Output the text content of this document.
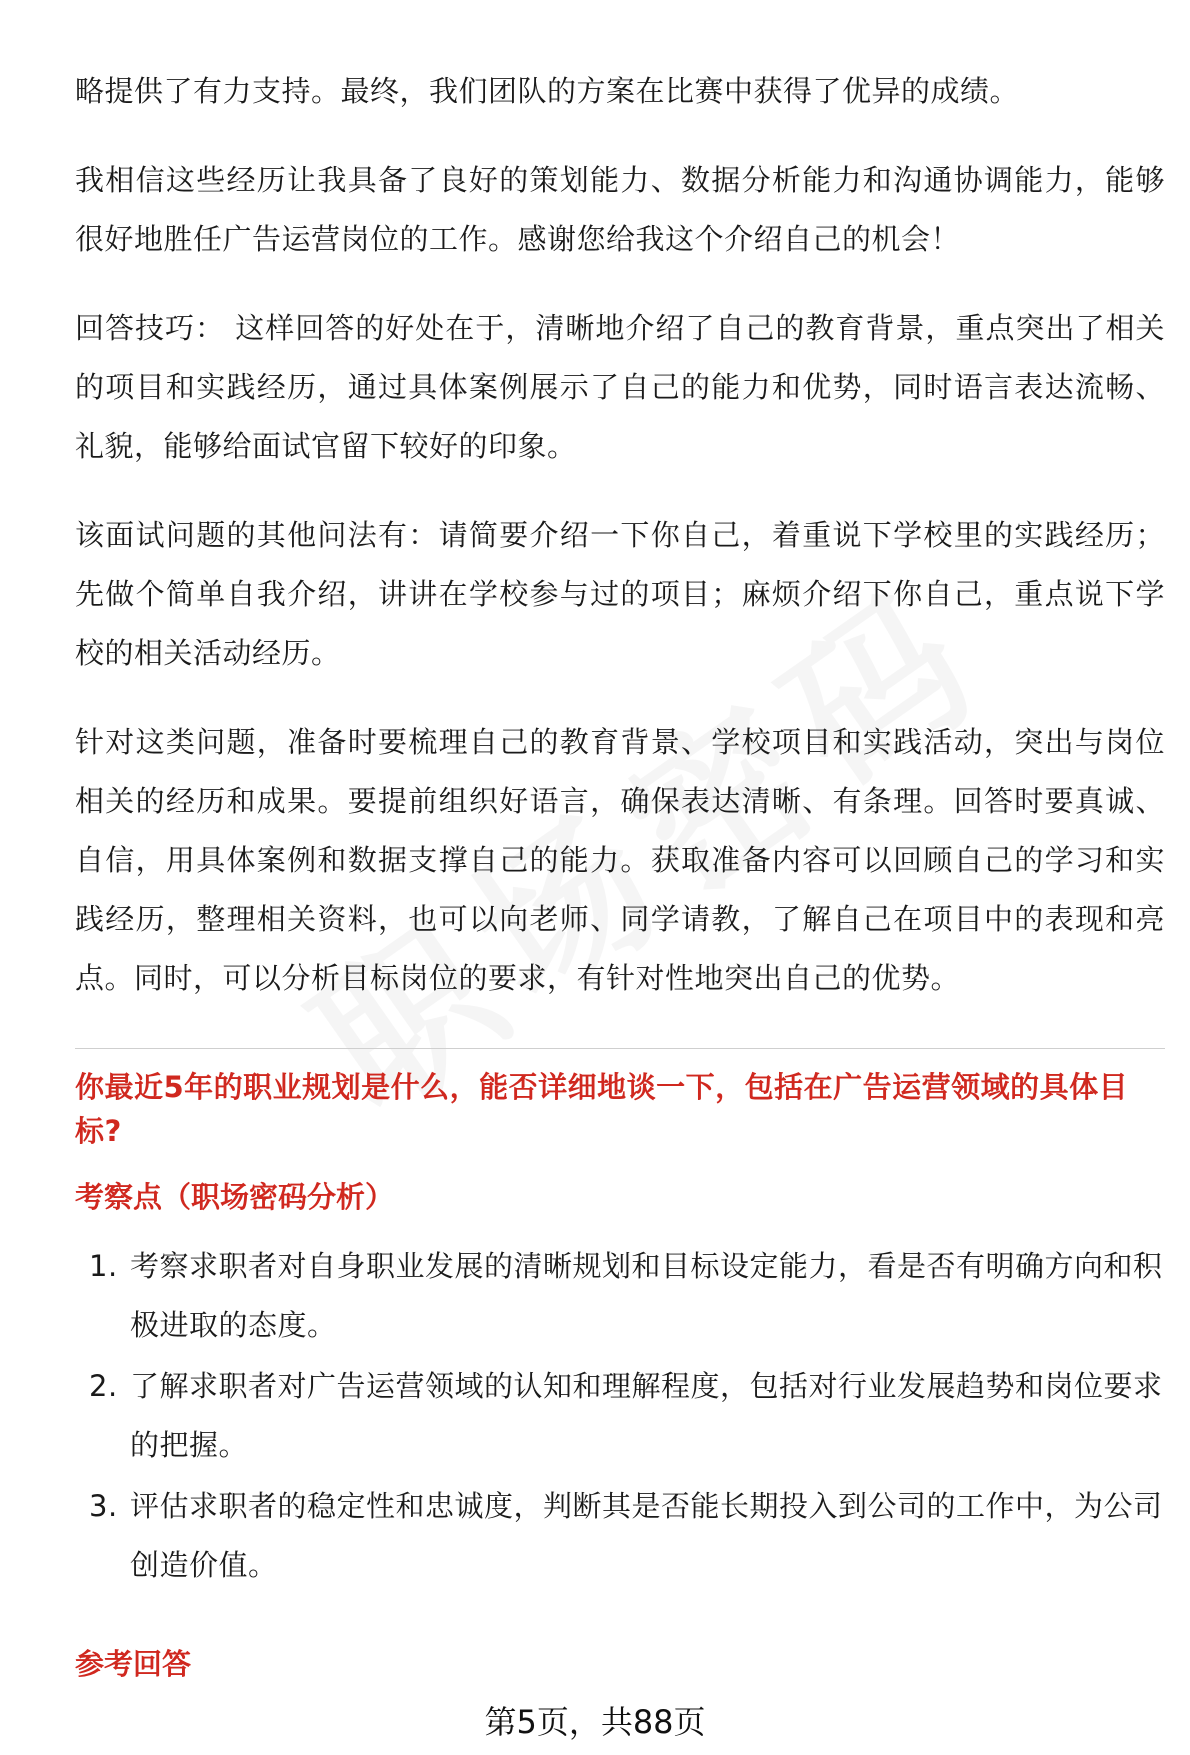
略提供了有力支持。最终，我们团队的方案在比赛中获得了优异的成绩。

我相信这些经历让我具备了良好的策划能力、数据分析能力和沟通协调能力，能够很好地胜任广告运营岗位的工作。感谢您给我这个介绍自己的机会！

回答技巧： 这样回答的好处在于，清晰地介绍了自己的教育背景，重点突出了相关的项目和实践经历，通过具体案例展示了自己的能力和优势，同时语言表达流畅、礼貌，能够给面试官留下较好的印象。

该面试问题的其他问法有：请简要介绍一下你自己，着重说下学校里的实践经历；先做个简单自我介绍，讲讲在学校参与过的项目；麻烦介绍下你自己，重点说下学校的相关活动经历。

针对这类问题，准备时要梳理自己的教育背景、学校项目和实践活动，突出与岗位相关的经历和成果。要提前组织好语言，确保表达清晰、有条理。回答时要真诚、自信，用具体案例和数据支撑自己的能力。获取准备内容可以回顾自己的学习和实践经历，整理相关资料，也可以向老师、同学请教，了解自己在项目中的表现和亮点。同时，可以分析目标岗位的要求，有针对性地突出自己的优势。

你最近5年的职业规划是什么，能否详细地谈一下，包括在广告运营领域的具体目标?
考察点（职场密码分析）
1. 考察求职者对自身职业发展的清晰规划和目标设定能力，看是否有明确方向和积极进取的态度。
2. 了解求职者对广告运营领域的认知和理解程度，包括对行业发展趋势和岗位要求的把握。
3. 评估求职者的稳定性和忠诚度，判断其是否能长期投入到公司的工作中，为公司创造价值。
参考回答
第5页，共88页
